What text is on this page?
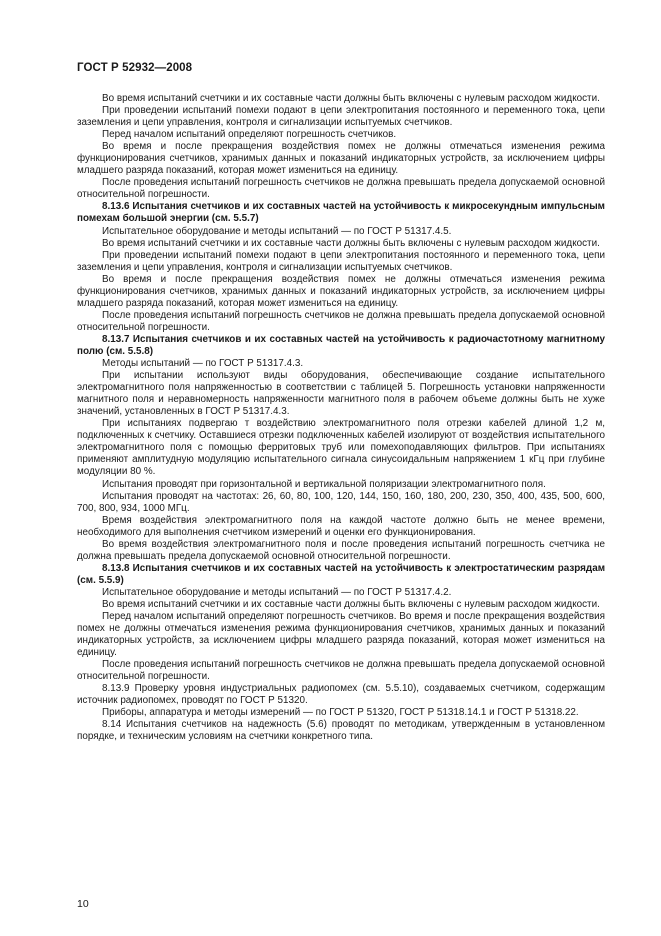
ГОСТ Р 52932—2008

Во время испытаний счетчики и их составные части должны быть включены с нулевым расходом жидкости.

При проведении испытаний помехи подают в цепи электропитания постоянного и переменного тока, цепи заземления и цепи управления, контроля и сигнализации испытуемых счетчиков.

Перед началом испытаний определяют погрешность счетчиков.

Во время и после прекращения воздействия помех не должны отмечаться изменения режима функционирования счетчиков, хранимых данных и показаний индикаторных устройств, за исключением цифры младшего разряда показаний, которая может измениться на единицу.

После проведения испытаний погрешность счетчиков не должна превышать предела допускаемой основной относительной погрешности.

8.13.6 Испытания счетчиков и их составных частей на устойчивость к микросекундным импульсным помехам большой энергии (см. 5.5.7)

Испытательное оборудование и методы испытаний — по ГОСТ Р 51317.4.5.

Во время испытаний счетчики и их составные части должны быть включены с нулевым расходом жидкости.

При проведении испытаний помехи подают в цепи электропитания постоянного и переменного тока, цепи заземления и цепи управления, контроля и сигнализации испытуемых счетчиков.

Во время и после прекращения воздействия помех не должны отмечаться изменения режима функционирования счетчиков, хранимых данных и показаний индикаторных устройств, за исключением цифры младшего разряда показаний, которая может измениться на единицу.

После проведения испытаний погрешность счетчиков не должна превышать предела допускаемой основной относительной погрешности.

8.13.7 Испытания счетчиков и их составных частей на устойчивость к радиочастотному магнитному полю (см. 5.5.8)

Методы испытаний — по ГОСТ Р 51317.4.3.

При испытании используют виды оборудования, обеспечивающие создание испытательного электромагнитного поля напряженностью в соответствии с таблицей 5. Погрешность установки напряженности магнитного поля и неравномерность напряженности магнитного поля в рабочем объеме должны быть не хуже значений, установленных в ГОСТ Р 51317.4.3.

При испытаниях подвергаю т воздействию электромагнитного поля отрезки кабелей длиной 1,2 м, подключенных к счетчику. Оставшиеся отрезки подключенных кабелей изолируют от воздействия испытательного электромагнитного поля с помощью ферритовых труб или помехоподавляющих фильтров. При испытаниях применяют амплитудную модуляцию испытательного сигнала синусоидальным напряжением 1 кГц при глубине модуляции 80 %.

Испытания проводят при горизонтальной и вертикальной поляризации электромагнитного поля.

Испытания проводят на частотах: 26, 60, 80, 100, 120, 144, 150, 160, 180, 200, 230, 350, 400, 435, 500, 600, 700, 800, 934, 1000 МГц.

Время воздействия электромагнитного поля на каждой частоте должно быть не менее времени, необходимого для выполнения счетчиком измерений и оценки его функционирования.

Во время воздействия электромагнитного поля и после проведения испытаний погрешность счетчика не должна превышать предела допускаемой основной относительной погрешности.

8.13.8 Испытания счетчиков и их составных частей на устойчивость к электростатическим разрядам (см. 5.5.9)

Испытательное оборудование и методы испытаний — по ГОСТ Р 51317.4.2.

Во время испытаний счетчики и их составные части должны быть включены с нулевым расходом жидкости.

Перед началом испытаний определяют погрешность счетчиков. Во время и после прекращения воздействия помех не должны отмечаться изменения режима функционирования счетчиков, хранимых данных и показаний индикаторных устройств, за исключением цифры младшего разряда показаний, которая может измениться на единицу.

После проведения испытаний погрешность счетчиков не должна превышать предела допускаемой основной относительной погрешности.

8.13.9 Проверку уровня индустриальных радиопомех (см. 5.5.10), создаваемых счетчиком, содержащим источник радиопомех, проводят по ГОСТ Р 51320.

Приборы, аппаратура и методы измерений — по ГОСТ Р 51320, ГОСТ Р 51318.14.1 и ГОСТ Р 51318.22.

8.14 Испытания счетчиков на надежность (5.6) проводят по методикам, утвержденным в установленном порядке, и техническим условиям на счетчики конкретного типа.

10
